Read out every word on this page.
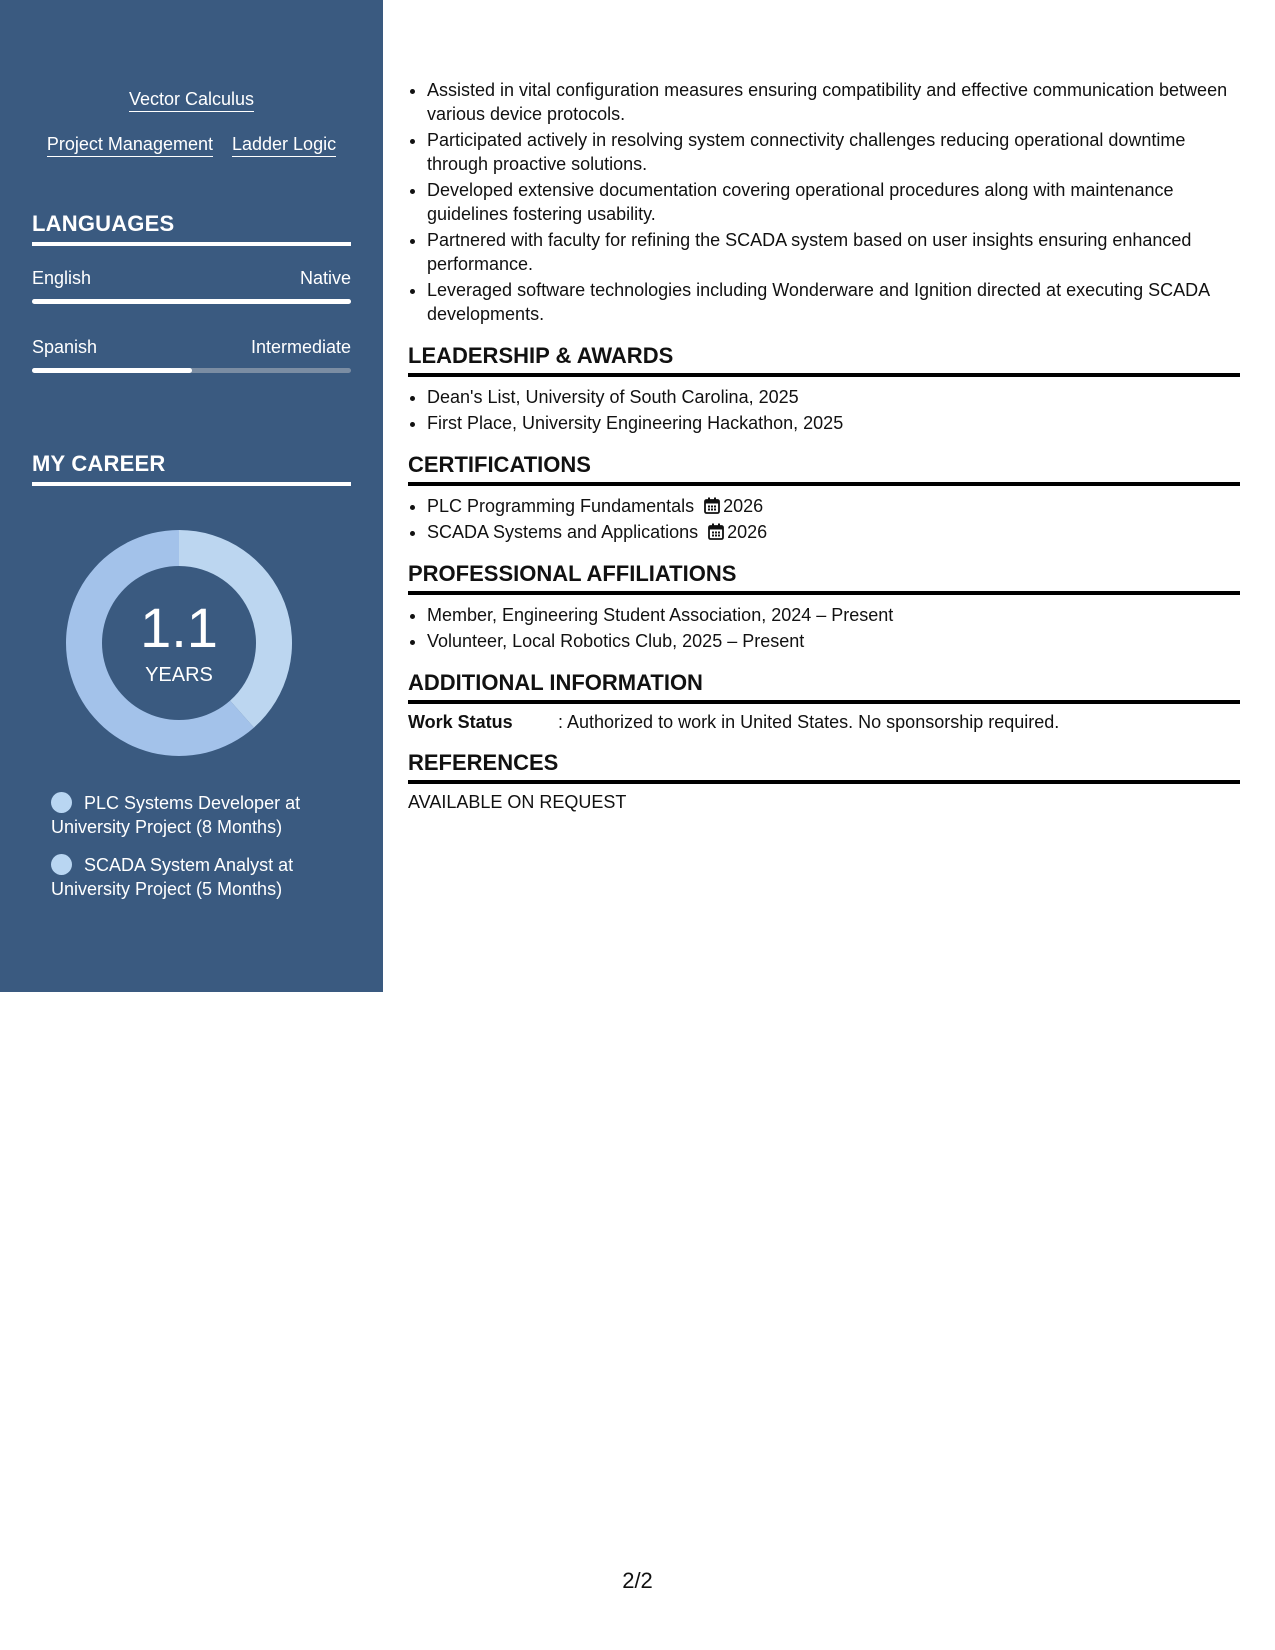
Vector Calculus
Project Management Ladder Logic
LANGUAGES
English	Native
Spanish	Intermediate
MY CAREER
1.1
YEARS
PLC Systems Developer at University Project (8 Months)
SCADA System Analyst at University Project (5 Months)
• Assisted in vital configuration measures ensuring compatibility and effective communication between various device protocols.
• Participated actively in resolving system connectivity challenges reducing operational downtime through proactive solutions.
• Developed extensive documentation covering operational procedures along with maintenance guidelines fostering usability.
• Partnered with faculty for refining the SCADA system based on user insights ensuring enhanced performance.
• Leveraged software technologies including Wonderware and Ignition directed at executing SCADA developments.
LEADERSHIP & AWARDS
• Dean's List, University of South Carolina, 2025
• First Place, University Engineering Hackathon, 2025
CERTIFICATIONS
• PLC Programming Fundamentals 2026
• SCADA Systems and Applications 2026
PROFESSIONAL AFFILIATIONS
• Member, Engineering Student Association, 2024 – Present
• Volunteer, Local Robotics Club, 2025 – Present
ADDITIONAL INFORMATION
Work Status	: Authorized to work in United States. No sponsorship required.
REFERENCES
AVAILABLE ON REQUEST
2/2
